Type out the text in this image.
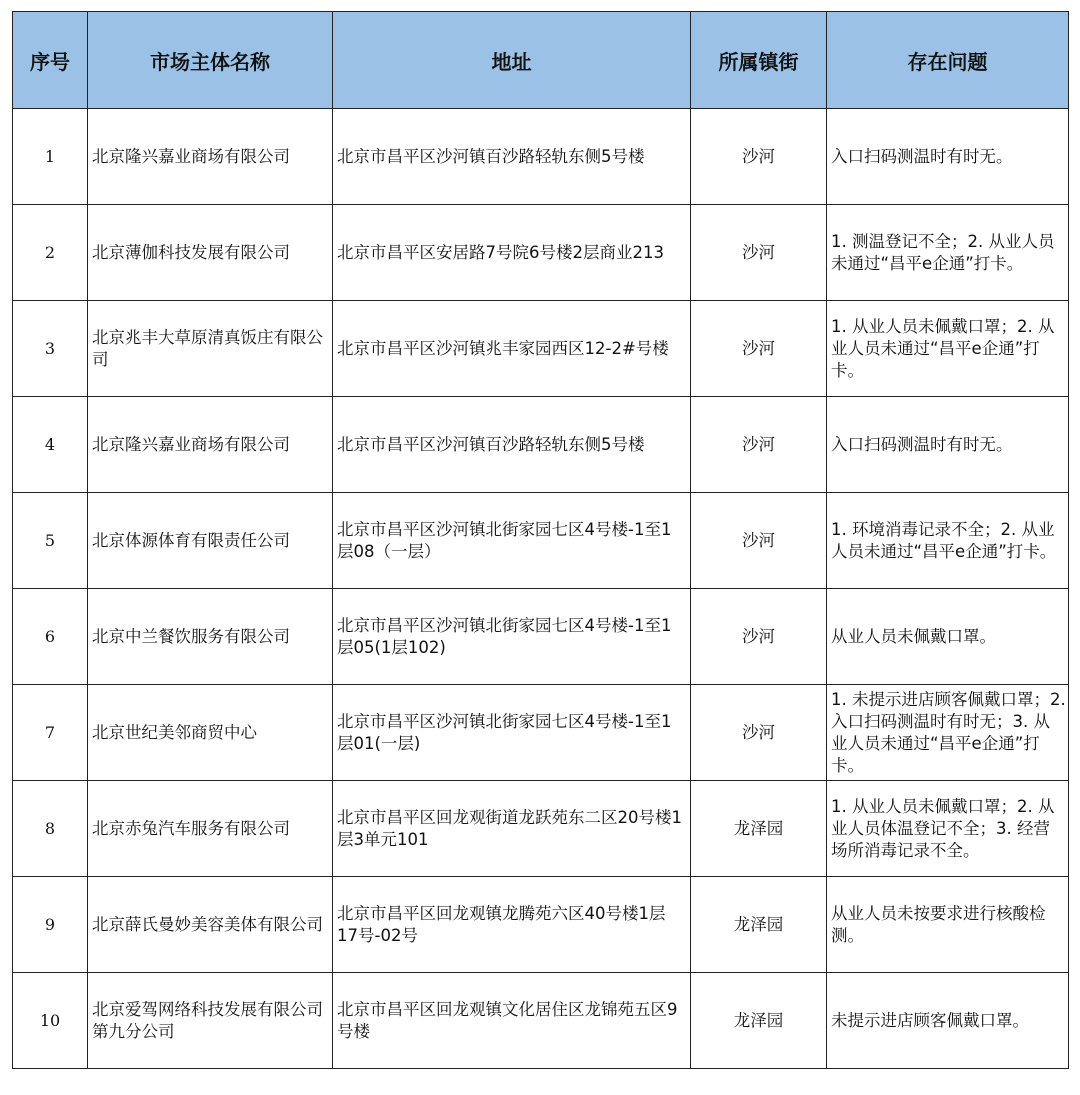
序号	市场主体名称	地址	所属镇街	存在问题
1	北京隆兴嘉业商场有限公司	北京市昌平区沙河镇百沙路轻轨东侧5号楼	沙河	入口扫码测温时有时无。
2	北京薄伽科技发展有限公司	北京市昌平区安居路7号院6号楼2层商业213	沙河	1. 测温登记不全；2. 从业人员未通过“昌平e企通”打卡。
3	北京兆丰大草原清真饭庄有限公司	北京市昌平区沙河镇兆丰家园西区12-2#号楼	沙河	1. 从业人员未佩戴口罩；2. 从业人员未通过“昌平e企通”打卡。
4	北京隆兴嘉业商场有限公司	北京市昌平区沙河镇百沙路轻轨东侧5号楼	沙河	入口扫码测温时有时无。
5	北京体源体育有限责任公司	北京市昌平区沙河镇北街家园七区4号楼-1至1层08（一层）	沙河	1. 环境消毒记录不全；2. 从业人员未通过“昌平e企通”打卡。
6	北京中兰餐饮服务有限公司	北京市昌平区沙河镇北街家园七区4号楼-1至1层05(1层102)	沙河	从业人员未佩戴口罩。
7	北京世纪美邻商贸中心	北京市昌平区沙河镇北街家园七区4号楼-1至1层01(一层)	沙河	1. 未提示进店顾客佩戴口罩；2. 入口扫码测温时有时无；3. 从业人员未通过“昌平e企通”打卡。
8	北京赤兔汽车服务有限公司	北京市昌平区回龙观街道龙跃苑东二区20号楼1层3单元101	龙泽园	1. 从业人员未佩戴口罩；2. 从业人员体温登记不全；3. 经营场所消毒记录不全。
9	北京薛氏曼妙美容美体有限公司	北京市昌平区回龙观镇龙腾苑六区40号楼1层17号-02号	龙泽园	从业人员未按要求进行核酸检测。
10	北京爱驾网络科技发展有限公司第九分公司	北京市昌平区回龙观镇文化居住区龙锦苑五区9号楼	龙泽园	未提示进店顾客佩戴口罩。
